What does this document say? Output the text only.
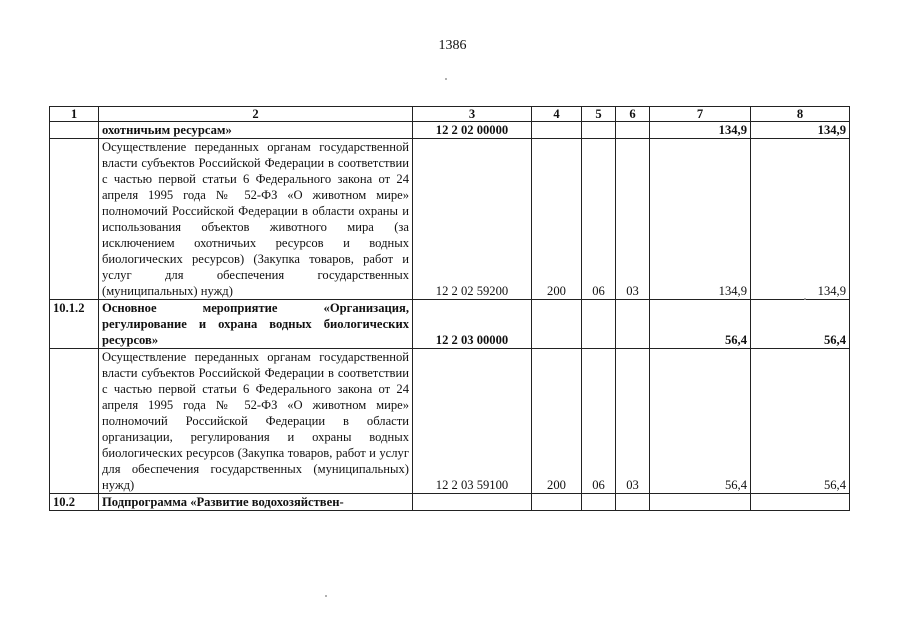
1386
1	2	3	4	5	6	7	8
	охотничьим ресурсам»	12 2 02 00000				134,9	134,9
	Осуществление переданных органам государственной власти субъектов Российской Федерации в соответствии с частью первой статьи 6 Федерального закона от 24 апреля 1995 года № 52-ФЗ «О животном мире» полномочий Российской Федерации в области охраны и использования объектов животного мира (за исключением охотничьих ресурсов и водных биологических ресурсов) (Закупка товаров, работ и услуг для обеспечения государственных (муниципальных) нужд)	12 2 02 59200	200	06	03	134,9	134,9
10.1.2	Основное мероприятие «Организация, регулирование и охрана водных биологических ресурсов»	12 2 03 00000				56,4	56,4
	Осуществление переданных органам государственной власти субъектов Российской Федерации в соответствии с частью первой статьи 6 Федерального закона от 24 апреля 1995 года № 52-ФЗ «О животном мире» полномочий Российской Федерации в области организации, регулирования и охраны водных биологических ресурсов (Закупка товаров, работ и услуг для обеспечения государственных (муниципальных) нужд)	12 2 03 59100	200	06	03	56,4	56,4
10.2	Подпрограмма «Развитие водохозяйствен-						
